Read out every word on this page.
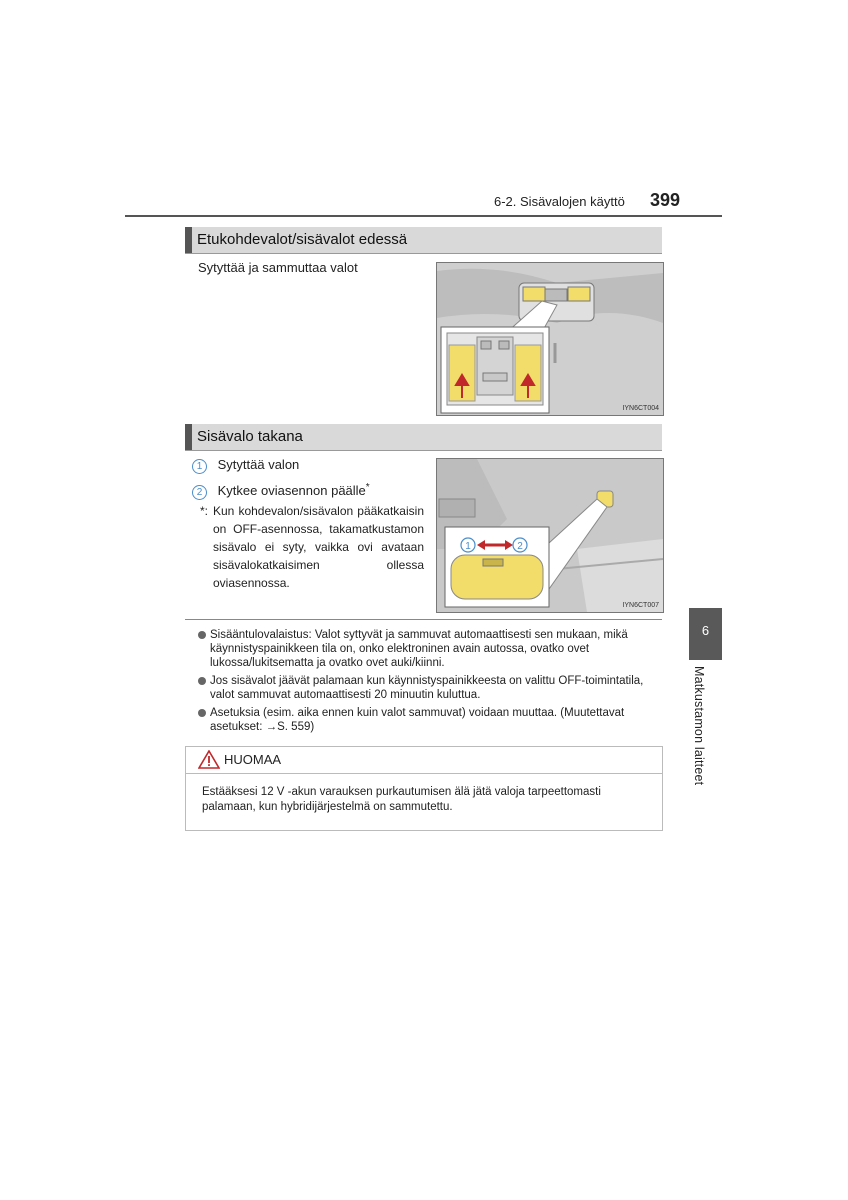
6-2. Sisävalojen käyttö 399
Etukohdevalot/sisävalot edessä
Sytyttää ja sammuttaa valot
IYN6CT004
Sisävalo takana
1 Sytyttää valon
2 Kytkee oviasennon päälle*
*: Kun kohdevalon/sisävalon pääkatkaisin on OFF-asennossa, takamatkustamon sisävalo ei syty, vaikka ovi avataan sisävalokatkaisimen ollessa oviasennossa.
1	2
IYN6CT007
Sisääntulovalaistus: Valot syttyvät ja sammuvat automaattisesti sen mukaan, mikä käynnistyspainikkeen tila on, onko elektroninen avain autossa, ovatko ovet lukossa/lukitsematta ja ovatko ovet auki/kiinni.
Jos sisävalot jäävät palamaan kun käynnistyspainikkeesta on valittu OFF-toimintatila, valot sammuvat automaattisesti 20 minuutin kuluttua.
Asetuksia (esim. aika ennen kuin valot sammuvat) voidaan muuttaa. (Muutettavat asetukset: →S. 559)
HUOMAA
Estääksesi 12 V -akun varauksen purkautumisen älä jätä valoja tarpeettomasti palamaan, kun hybridijärjestelmä on sammutettu.
6
Matkustamon laitteet
